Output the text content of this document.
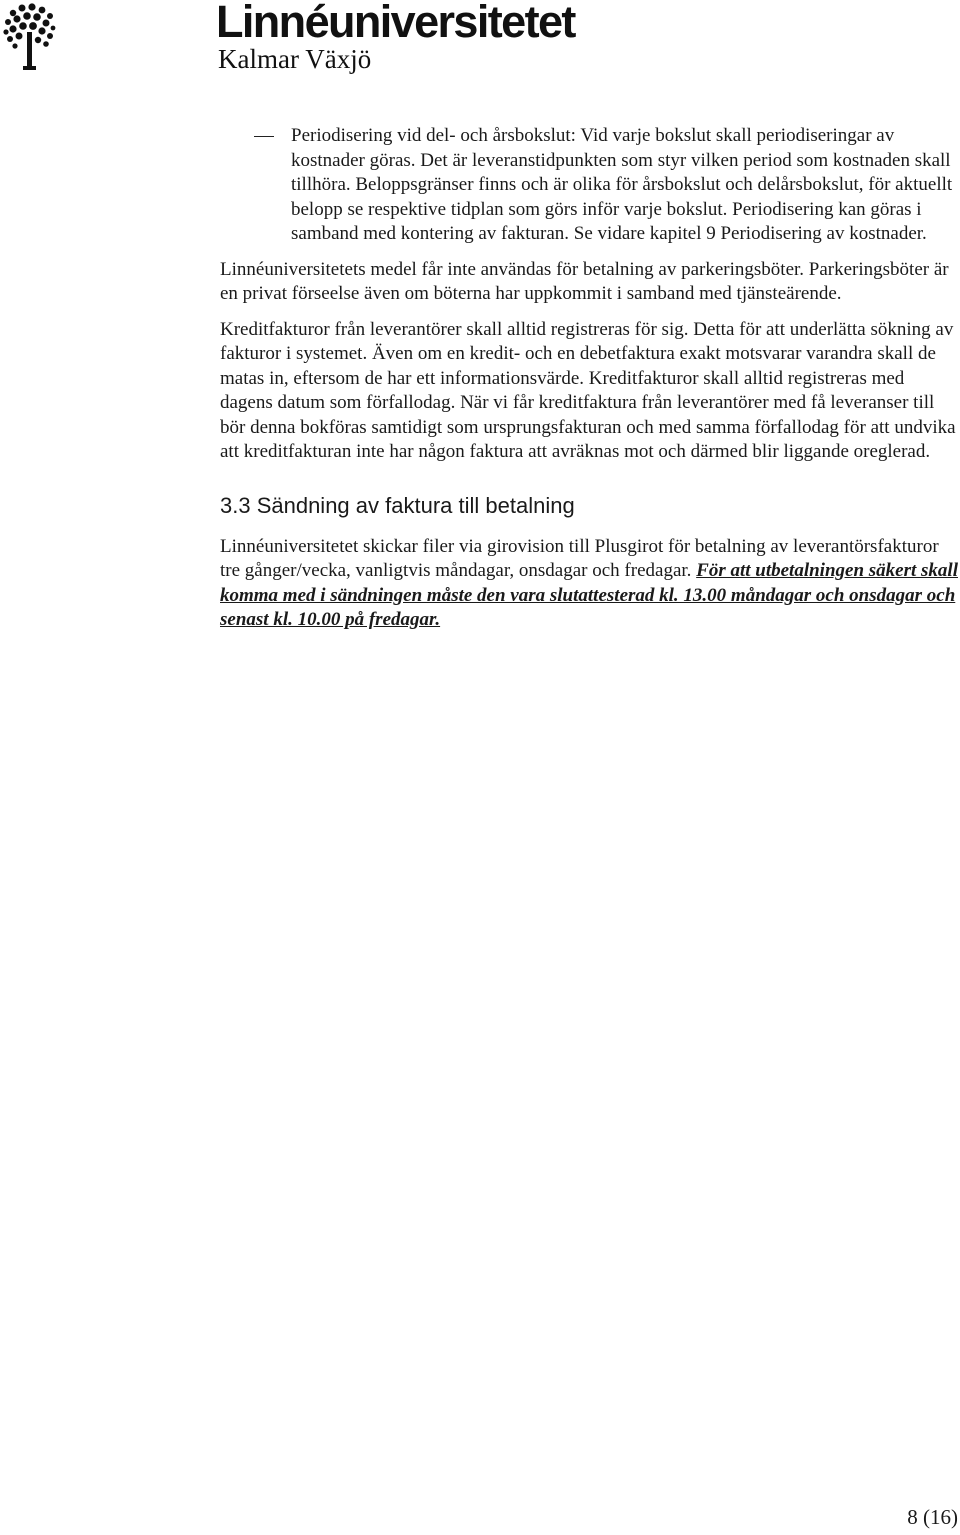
Linnéuniversitetet
Kalmar Växjö
Periodisering vid del- och årsbokslut: Vid varje bokslut skall periodiseringar av kostnader göras. Det är leveranstidpunkten som styr vilken period som kostnaden skall tillhöra. Beloppsgränser finns och är olika för årsbokslut och delårsbokslut, för aktuellt belopp se respektive tidplan som görs inför varje bokslut. Periodisering kan göras i samband med kontering av fakturan. Se vidare kapitel 9 Periodisering av kostnader.

Linnéuniversitetets medel får inte användas för betalning av parkeringsböter. Parkeringsböter är en privat förseelse även om böterna har uppkommit i samband med tjänsteärende.

Kreditfakturor från leverantörer skall alltid registreras för sig. Detta för att underlätta sökning av fakturor i systemet. Även om en kredit- och en debetfaktura exakt motsvarar varandra skall de matas in, eftersom de har ett informationsvärde. Kreditfakturor skall alltid registreras med dagens datum som förfallodag. När vi får kreditfaktura från leverantörer med få leveranser till bör denna bokföras samtidigt som ursprungsfakturan och med samma förfallodag för att undvika att kreditfakturan inte har någon faktura att avräknas mot och därmed blir liggande oreglerad.

3.3 Sändning av faktura till betalning

Linnéuniversitetet skickar filer via girovision till Plusgirot för betalning av leverantörsfakturor tre gånger/vecka, vanligtvis måndagar, onsdagar och fredagar. För att utbetalningen säkert skall komma med i sändningen måste den vara slutattesterad kl. 13.00 måndagar och onsdagar och senast kl. 10.00 på fredagar.

8 (16)
